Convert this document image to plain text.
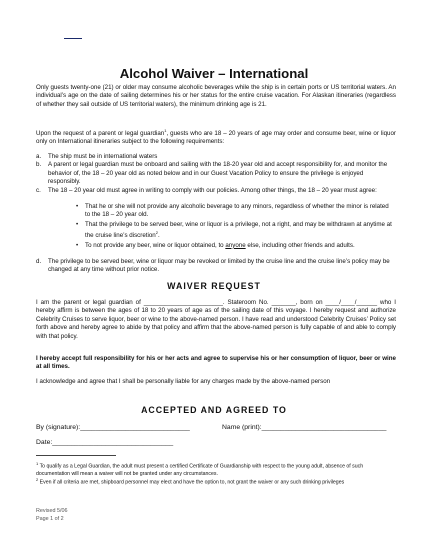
Alcohol Waiver – International
Only guests twenty-one (21) or older may consume alcoholic beverages while the ship is in certain ports or US territorial waters. An individual’s age on the date of sailing determines his or her status for the entire cruise vacation. For Alaskan itineraries (regardless of whether they sail outside of US territorial waters), the minimum drinking age is 21.
Upon the request of a parent or legal guardian$^1$, guests who are 18 – 20 years of age may order and consume beer, wine or liquor only on International itineraries subject to the following requirements:
a. The ship must be in international waters
b. A parent or legal guardian must be onboard and sailing with the 18-20 year old and accept responsibility for, and monitor the behavior of, the 18 – 20 year old as noted below and in our Guest Vacation Policy to ensure the privilege is enjoyed responsibly.
c. The 18 – 20 year old must agree in writing to comply with our policies. Among other things, the 18 – 20 year must agree:
• That he or she will not provide any alcoholic beverage to any minors, regardless of whether the minor is related to the 18 – 20 year old.
• That the privilege to be served beer, wine or liquor is a privilege, not a right, and may be withdrawn at anytime at the cruise line’s discretion$^2$.
• To not provide any beer, wine or liquor obtained, to anyone else, including other friends and adults.
d. The privilege to be served beer, wine or liquor may be revoked or limited by the cruise line and the cruise line’s policy may be changed at any time without prior notice.
WAIVER REQUEST
I am the parent or legal guardian of _______________________. Stateroom No. _______, born on ____/____/______ who I hereby affirm is between the ages of 18 to 20 years of age as of the sailing date of this voyage. I hereby request and authorize Celebrity Cruises to serve liquor, beer or wine to the above-named person. I have read and understood Celebrity Cruises’ Policy set forth above and hereby agree to abide by that policy and affirm that the above-named person is fully capable of and able to comply with that policy.
I hereby accept full responsibility for his or her acts and agree to supervise his or her consumption of liquor, beer or wine at all times.
I acknowledge and agree that I shall be personally liable for any charges made by the above-named person
ACCEPTED AND AGREED TO
By (signature):_____________________________	Name (print):_________________________________
Date:________________________________
$^1$ To qualify as a Legal Guardian, the adult must present a certified Certificate of Guardianship with respect to the young adult, absence of such documentation will mean a waiver will not be granted under any circumstances.
$^2$ Even if all criteria are met, shipboard personnel may elect and have the option to, not grant the waiver or any such drinking privileges
Revised 5/06
Page 1 of 2
